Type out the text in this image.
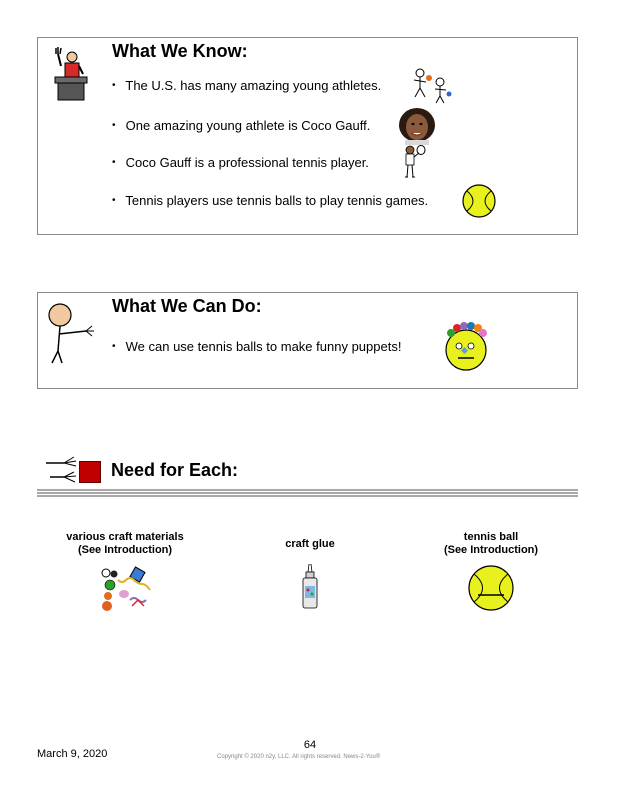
What We Know:
• The U.S. has many amazing young athletes.
• One amazing young athlete is Coco Gauff.
• Coco Gauff is a professional tennis player.
• Tennis players use tennis balls to play tennis games.
What We Can Do:
• We can use tennis balls to make funny puppets!
Need for Each:
various craft materials
(See Introduction)	craft glue
tennis ball
(See Introduction)
March 9, 2020
64
Copyright © 2020 n2y, LLC. All rights reserved. News-2-You®
